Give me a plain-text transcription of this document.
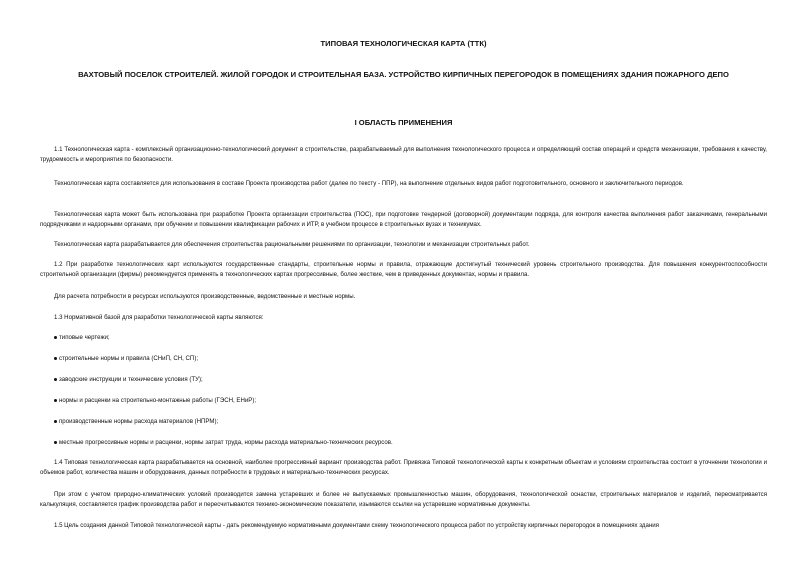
ТИПОВАЯ ТЕХНОЛОГИЧЕСКАЯ КАРТА (ТТК)
ВАХТОВЫЙ ПОСЕЛОК СТРОИТЕЛЕЙ. ЖИЛОЙ ГОРОДОК И СТРОИТЕЛЬНАЯ БАЗА. УСТРОЙСТВО КИРПИЧНЫХ ПЕРЕГОРОДОК В ПОМЕЩЕНИЯХ ЗДАНИЯ ПОЖАРНОГО ДЕПО
I ОБЛАСТЬ ПРИМЕНЕНИЯ

1.1 Технологическая карта - комплексный организационно-технологический документ в строительстве, разрабатываемый для выполнения технологического процесса и определяющий состав операций и средств механизации, требования к качеству, трудоемкость и мероприятия по безопасности.

Технологическая карта составляется для использования в составе Проекта производства работ (далее по тексту - ППР), на выполнение отдельных видов работ подготовительного, основного и заключительного периодов.

Технологическая карта может быть использована при разработке Проекта организации строительства (ПОС), при подготовке тендерной (договорной) документации подряда, для контроля качества выполнения работ заказчиками, генеральными подрядчиками и надзорными органами, при обучении и повышении квалификации рабочих и ИТР, в учебном процессе в строительных вузах и техникумах.

Технологическая карта разрабатывается для обеспечения строительства рациональными решениями по организации, технологии и механизации строительных работ.

1.2 При разработке технологических карт используются государственные стандарты, строительные нормы и правила, отражающие достигнутый технический уровень строительного производства. Для повышения конкурентоспособности строительной организации (фирмы) рекомендуется применять в технологических картах прогрессивные, более жесткие, чем в приведенных документах, нормы и правила.

Для расчета потребности в ресурсах используются производственные, ведомственные и местные нормы.

1.3 Нормативной базой для разработки технологической карты являются:

типовые чертежи;
строительные нормы и правила (СНиП, СН, СП);
заводские инструкции и технические условия (ТУ);
нормы и расценки на строительно-монтажные работы (ГЭСН, ЕНиР);
производственные нормы расхода материалов (НПРМ);
местные прогрессивные нормы и расценки, нормы затрат труда, нормы расхода материально-технических ресурсов.

1.4 Типовая технологическая карта разрабатывается на основной, наиболее прогрессивный вариант производства работ. Привязка Типовой технологической карты к конкретным объектам и условиям строительства состоит в уточнении технологии и объемов работ, количества машин и оборудования, данных потребности в трудовых и материально-технических ресурсах.

При этом с учетом природно-климатических условий производится замена устаревших и более не выпускаемых промышленностью машин, оборудования, технологической оснастки, строительных материалов и изделий, пересматривается калькуляция, составляется график производства работ и пересчитываются технико-экономические показатели, изымаются ссылки на устаревшие нормативные документы.

1.5 Цель создания данной Типовой технологической карты - дать рекомендуемую нормативными документами схему технологического процесса работ по устройству кирпичных перегородок в помещениях здания
